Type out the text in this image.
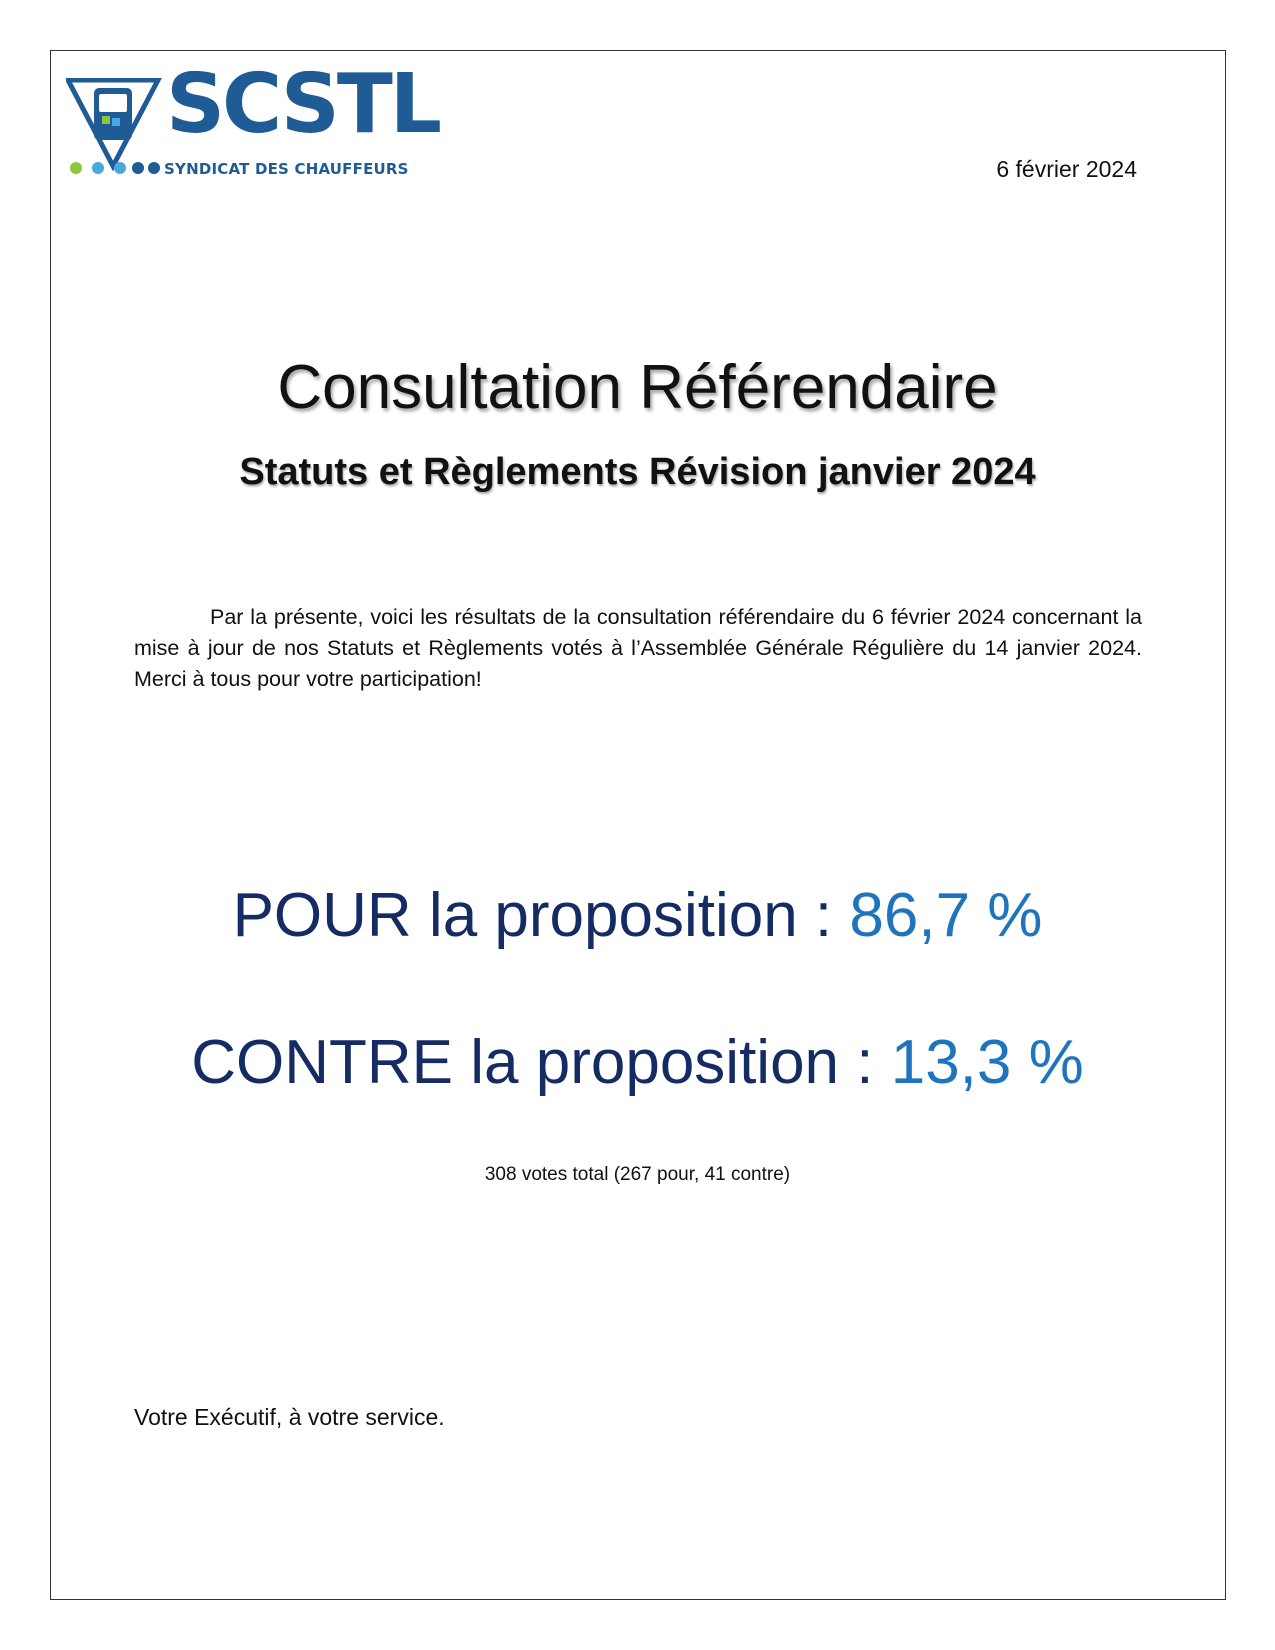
SCSTL
SYNDICAT DES CHAUFFEURS	6 février 2024
Consultation Référendaire
Statuts et Règlements Révision janvier 2024
Par la présente, voici les résultats de la consultation référendaire du 6 février 2024 concernant la mise à jour de nos Statuts et Règlements votés à l’Assemblée Générale Régulière du 14 janvier 2024. Merci à tous pour votre participation!
POUR la proposition : 86,7 %
CONTRE la proposition : 13,3 %
308 votes total (267 pour, 41 contre)
Votre Exécutif, à votre service.
